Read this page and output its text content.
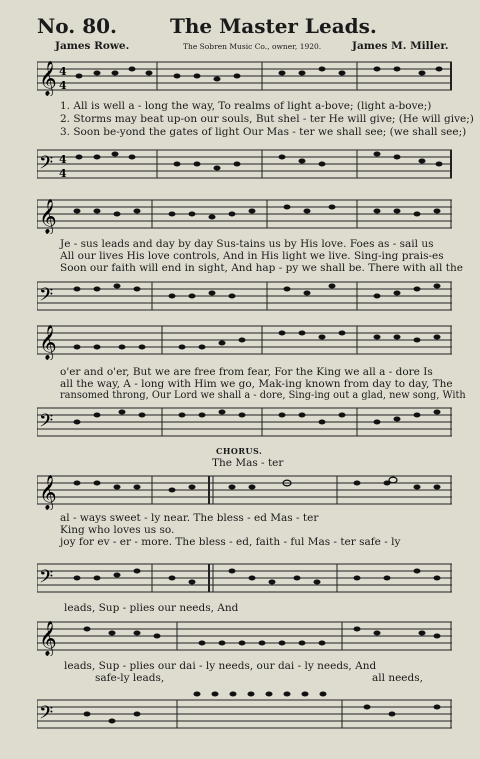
No. 80.	The Master Leads.
James Rowe.	The Sobren Music Co., owner, 1920.	James M. Miller.
𝄞 4
4
1. All is well a - long the way, To realms of light a-bove; (light a-bove;)
2. Storms may beat up-on our souls, But shel - ter He will give; (He will give;)
3. Soon be-yond the gates of light Our Mas - ter we shall see; (we shall see;)
𝄢 4
4
𝄞
Je - sus leads and day by day Sus-tains us by His love. Foes as - sail us
All our lives His love controls, And in His light we live. Sing-ing prais-es
Soon our faith will end in sight, And hap - py we shall be. There with all the
𝄢
𝄞
o'er and o'er, But we are free from fear, For the King we all a - dore Is
all the way, A - long with Him we go, Mak-ing known from day to day, The
ransomed throng, Our Lord we shall a - dore, Sing-ing out a glad, new song, With
𝄢
CHORUS.
The Mas - ter
𝄞
al - ways sweet - ly near. The bless - ed Mas - ter
King who loves us so.
joy for ev - er - more. The bless - ed, faith - ful Mas - ter safe - ly
𝄢
leads, Sup - plies our needs, And
𝄞
leads, Sup - plies our dai - ly needs, our dai - ly needs, And
safe-ly leads,	all needs,
𝄢
